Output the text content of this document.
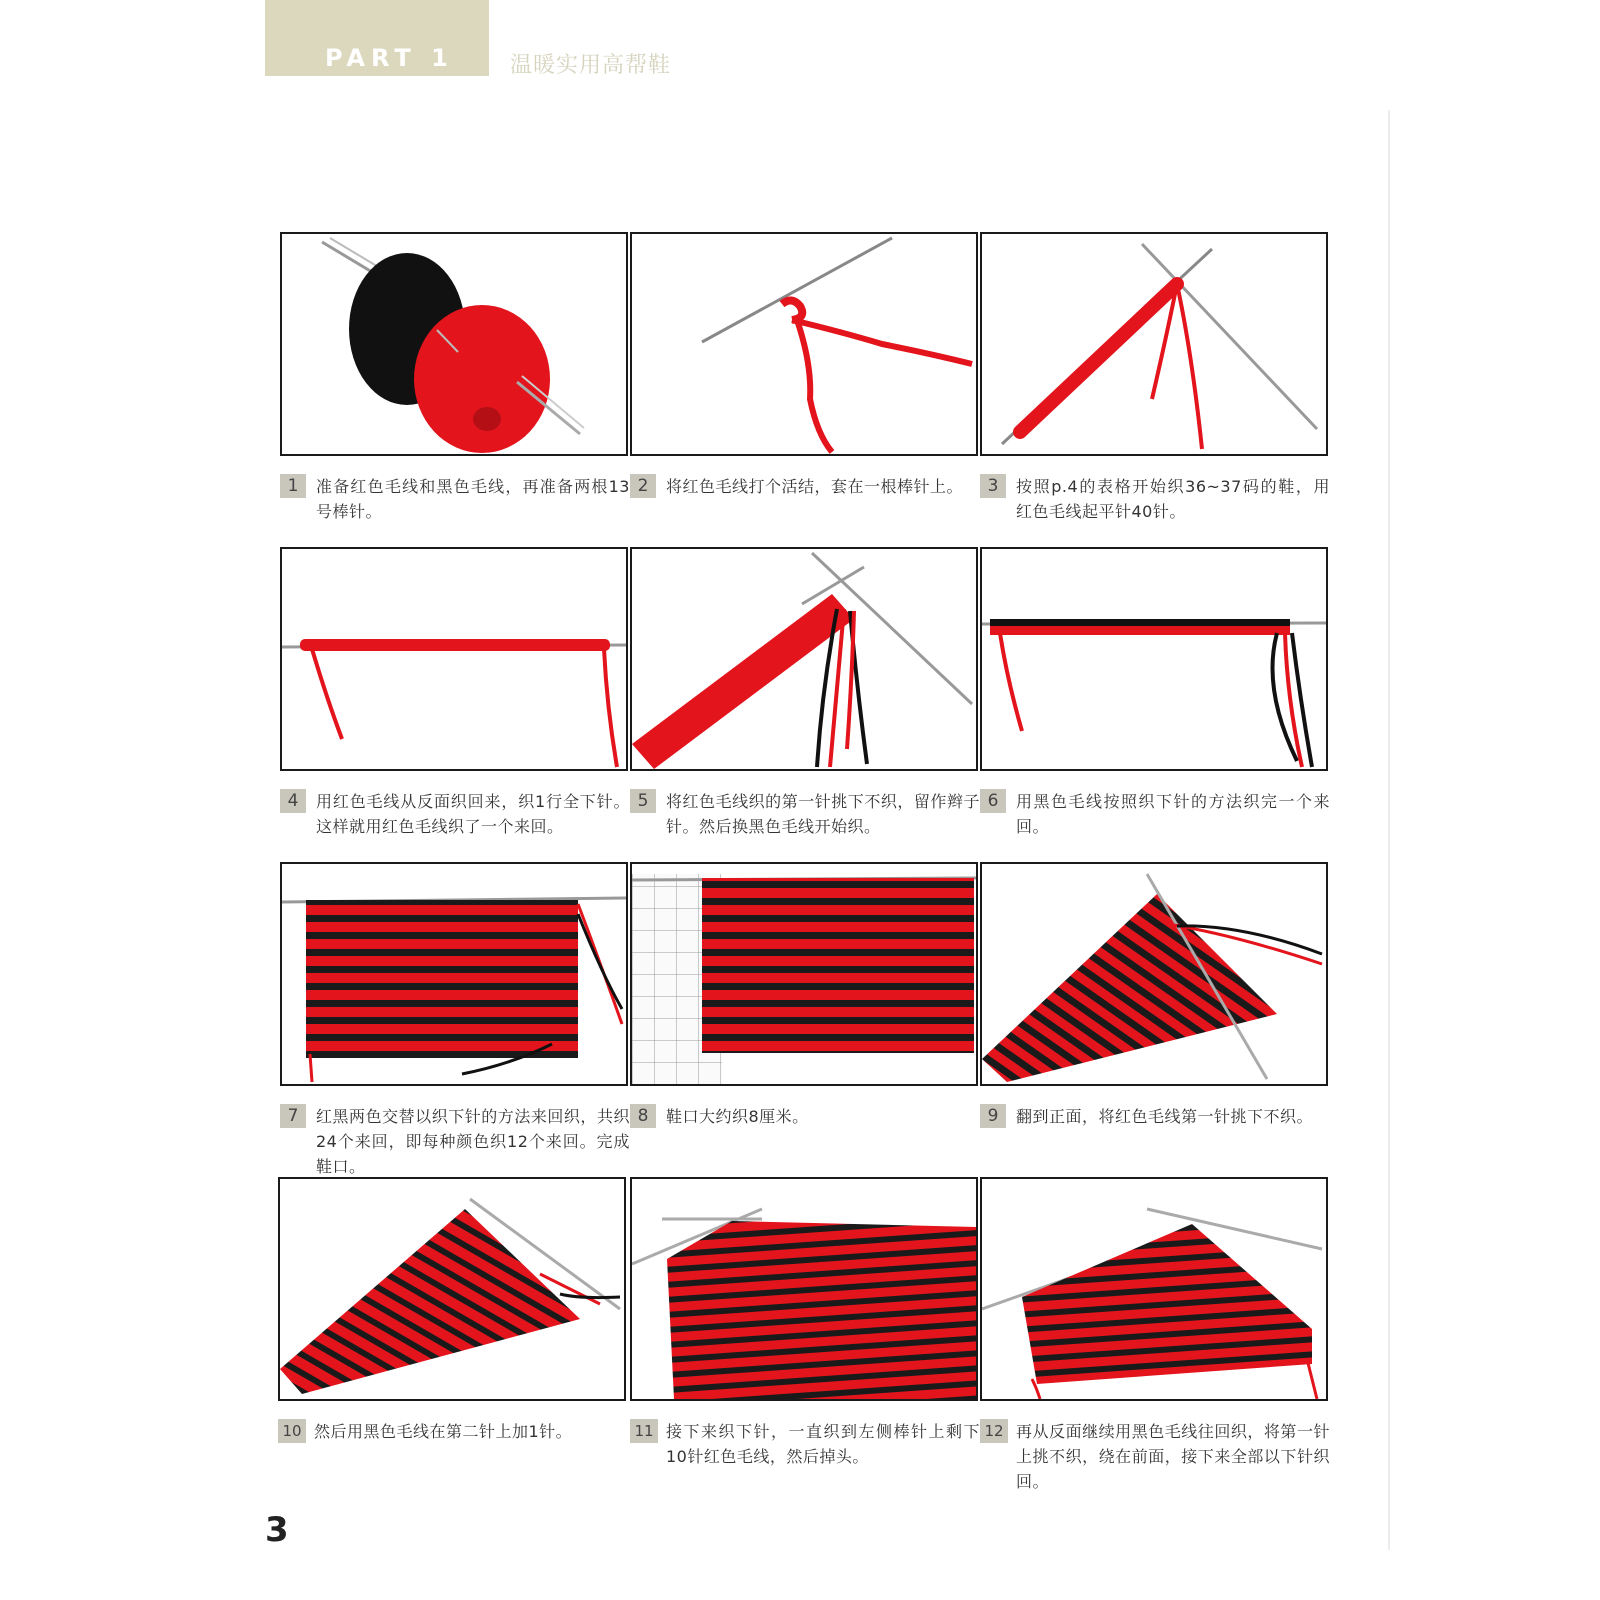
PART 1	温暖实用高帮鞋
1	准备红色毛线和黑色毛线，再准备两根13号棒针。
2	将红色毛线打个活结，套在一根棒针上。	3	按照p.4的表格开始织36~37码的鞋，用红色毛线起平针40针。
4	用红色毛线从反面织回来，织1行全下针。这样就用红色毛线织了一个来回。
5	将红色毛线织的第一针挑下不织，留作辫子针。然后换黑色毛线开始织。
6	用黑色毛线按照织下针的方法织完一个来回。
7	红黑两色交替以织下针的方法来回织，共织24个来回，即每种颜色织12个来回。完成鞋口。
8	鞋口大约织8厘米。	9	翻到正面，将红色毛线第一针挑下不织。
10 然后用黑色毛线在第二针上加1针。	11 接下来织下针，一直织到左侧棒针上剩下10针红色毛线，然后掉头。
12 再从反面继续用黑色毛线往回织，将第一针上挑不织，绕在前面，接下来全部以下针织回。
3
